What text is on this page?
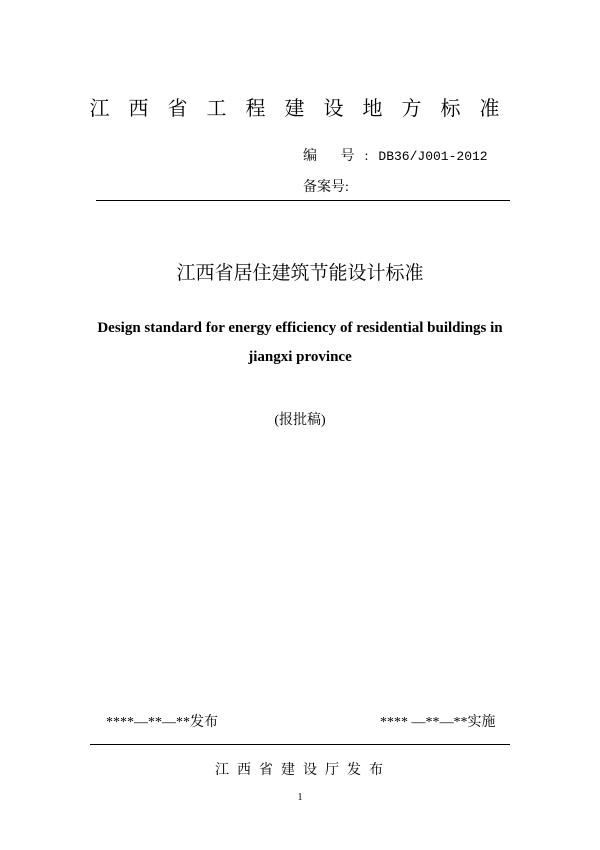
江西省工程建设地方标准
编 号:DB36/J001-2012
备案号:
江西省居住建筑节能设计标准
Design standard for energy efficiency of residential buildings in
jiangxi province
(报批稿)
****—**—**发布	**** —**—**实施
江西省建设厅发布
1
